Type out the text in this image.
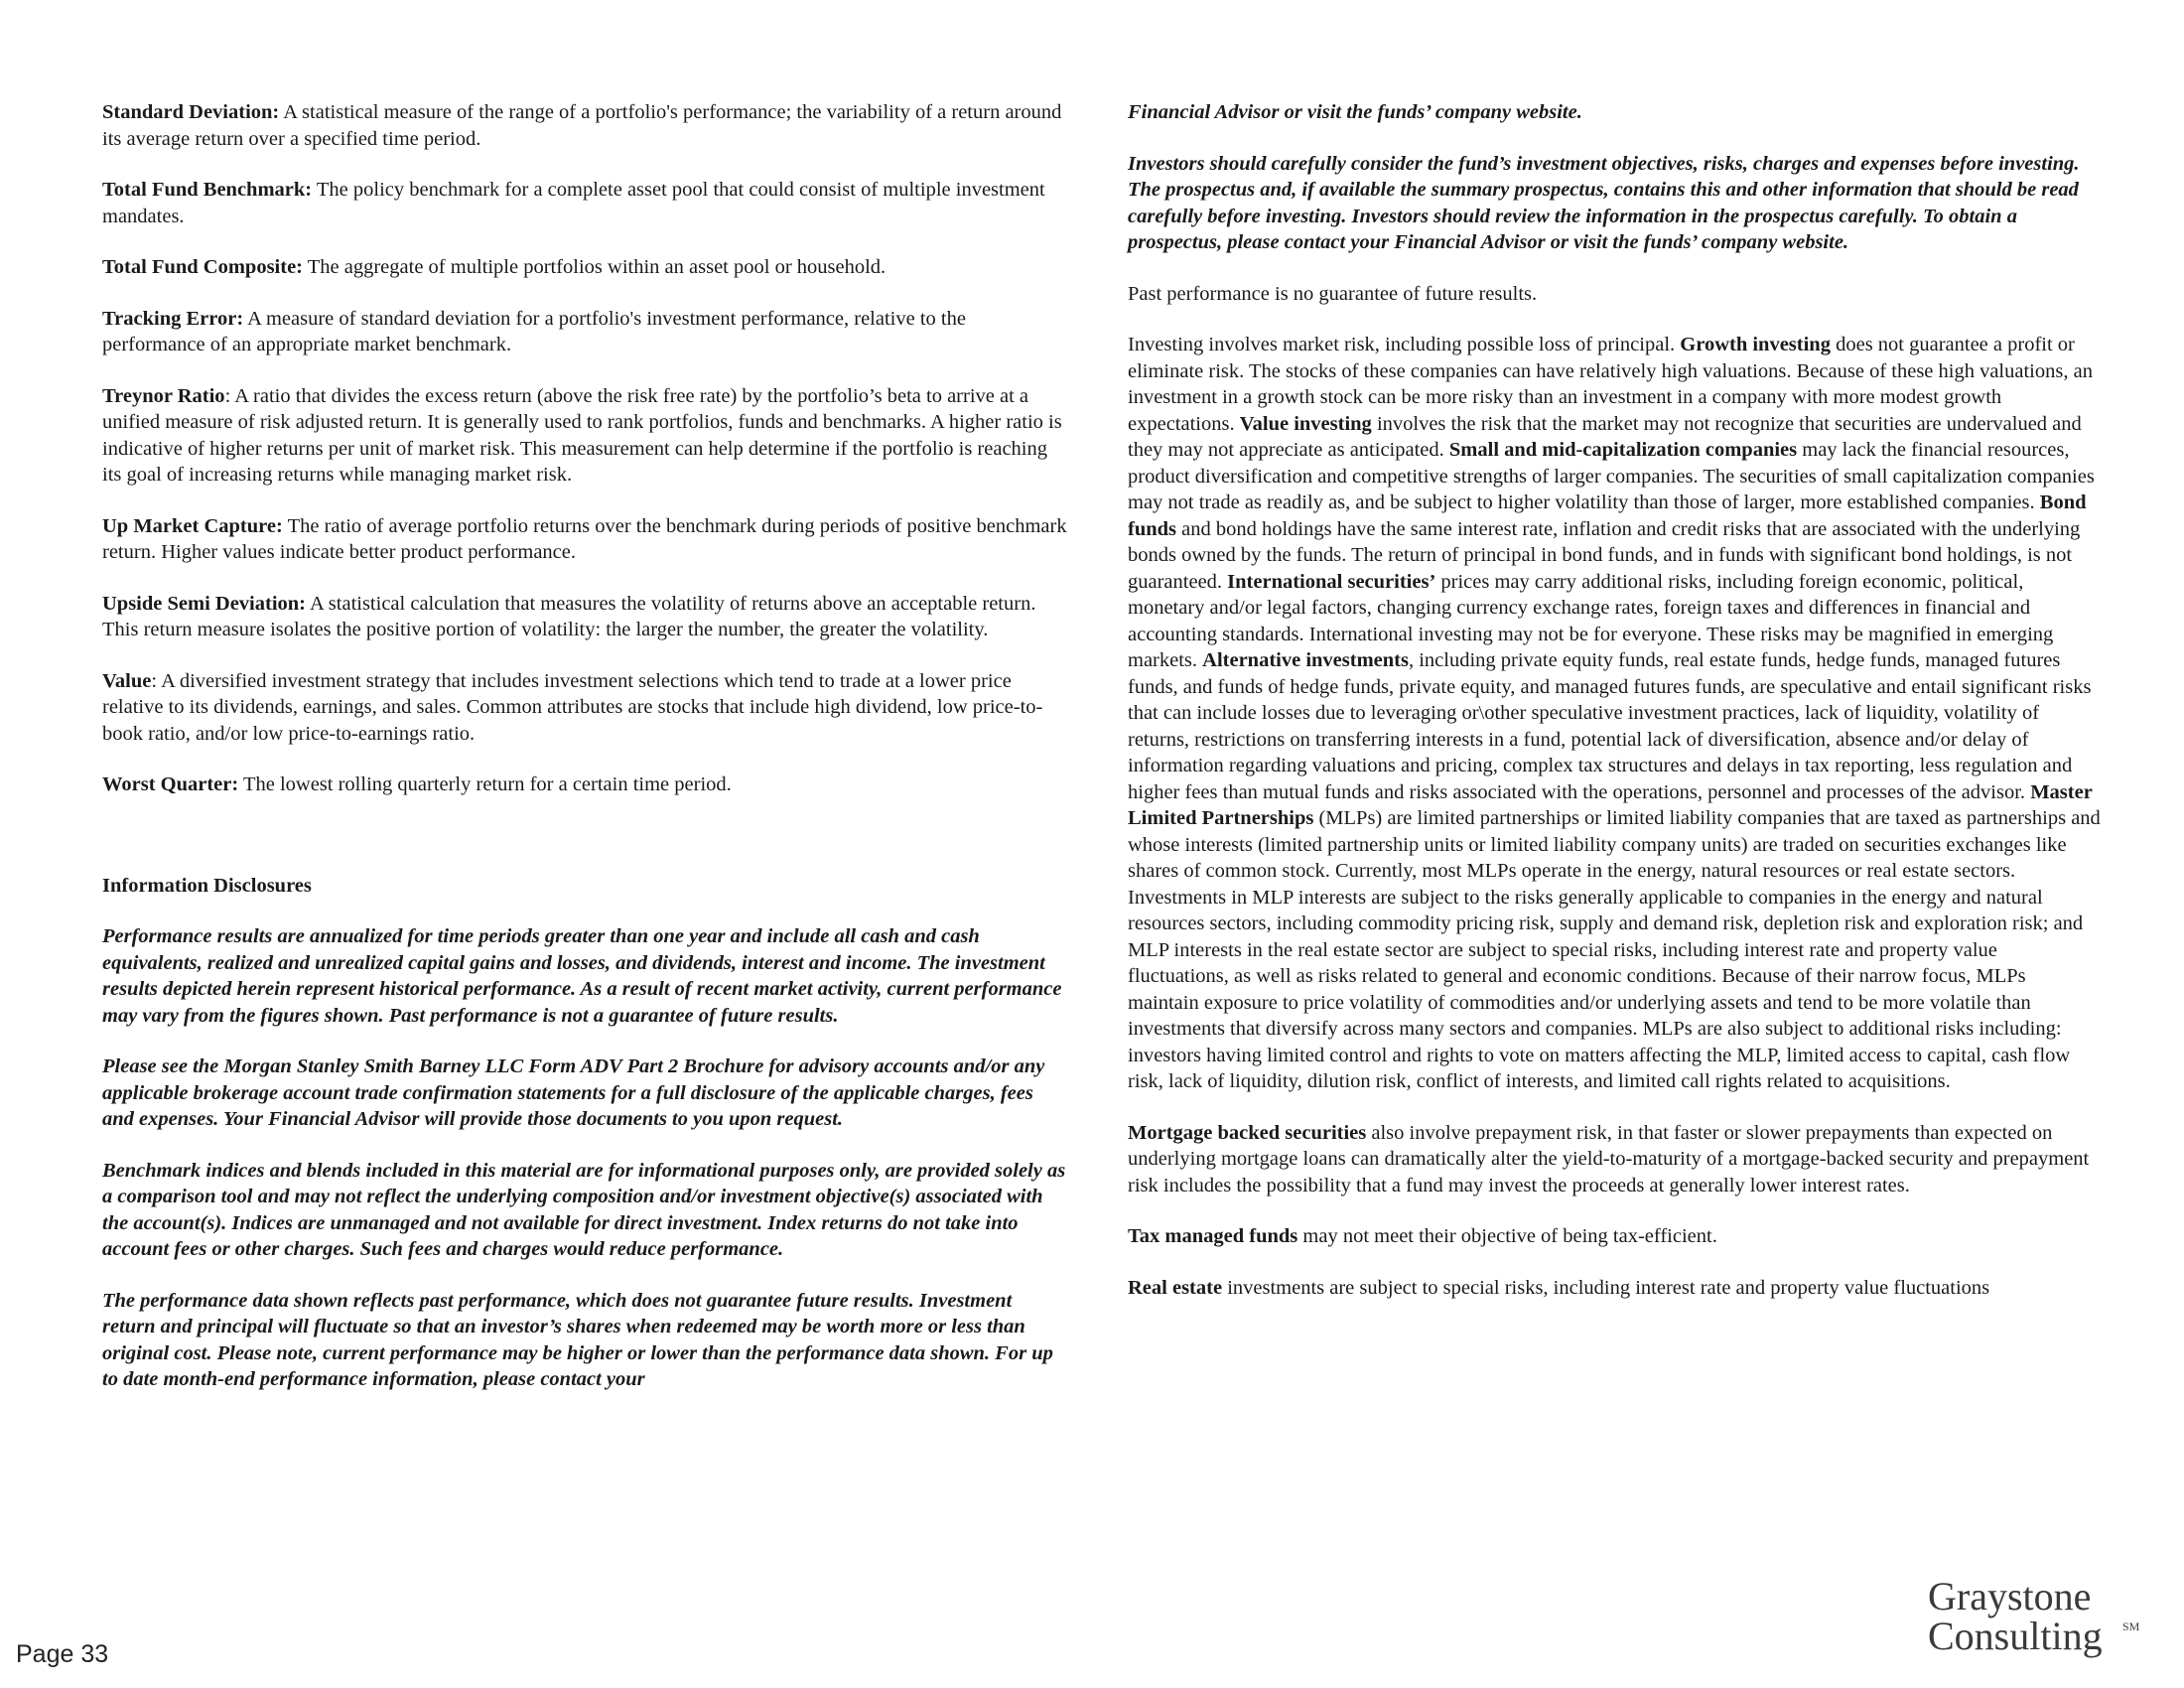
Standard Deviation: A statistical measure of the range of a portfolio's performance; the variability of a return around its average return over a specified time period.

Total Fund Benchmark: The policy benchmark for a complete asset pool that could consist of multiple investment mandates.

Total Fund Composite: The aggregate of multiple portfolios within an asset pool or household.

Tracking Error: A measure of standard deviation for a portfolio's investment performance, relative to the performance of an appropriate market benchmark.

Treynor Ratio: A ratio that divides the excess return (above the risk free rate) by the portfolio’s beta to arrive at a unified measure of risk adjusted return. It is generally used to rank portfolios, funds and benchmarks. A higher ratio is indicative of higher returns per unit of market risk. This measurement can help determine if the portfolio is reaching its goal of increasing returns while managing market risk.

Up Market Capture: The ratio of average portfolio returns over the benchmark during periods of positive benchmark return. Higher values indicate better product performance.

Upside Semi Deviation: A statistical calculation that measures the volatility of returns above an acceptable return. This return measure isolates the positive portion of volatility: the larger the number, the greater the volatility.

Value: A diversified investment strategy that includes investment selections which tend to trade at a lower price relative to its dividends, earnings, and sales. Common attributes are stocks that include high dividend, low price-to-book ratio, and/or low price-to-earnings ratio.

Worst Quarter: The lowest rolling quarterly return for a certain time period.

Information Disclosures

Performance results are annualized for time periods greater than one year and include all cash and cash equivalents, realized and unrealized capital gains and losses, and dividends, interest and income. The investment results depicted herein represent historical performance. As a result of recent market activity, current performance may vary from the figures shown. Past performance is not a guarantee of future results.

Please see the Morgan Stanley Smith Barney LLC Form ADV Part 2 Brochure for advisory accounts and/or any applicable brokerage account trade confirmation statements for a full disclosure of the applicable charges, fees and expenses. Your Financial Advisor will provide those documents to you upon request.

Benchmark indices and blends included in this material are for informational purposes only, are provided solely as a comparison tool and may not reflect the underlying composition and/or investment objective(s) associated with the account(s). Indices are unmanaged and not available for direct investment. Index returns do not take into account fees or other charges. Such fees and charges would reduce performance.

The performance data shown reflects past performance, which does not guarantee future results. Investment return and principal will fluctuate so that an investor’s shares when redeemed may be worth more or less than original cost. Please note, current performance may be higher or lower than the performance data shown. For up to date month-end performance information, please contact your

Financial Advisor or visit the funds’ company website.

Investors should carefully consider the fund’s investment objectives, risks, charges and expenses before investing. The prospectus and, if available the summary prospectus, contains this and other information that should be read carefully before investing. Investors should review the information in the prospectus carefully. To obtain a prospectus, please contact your Financial Advisor or visit the funds’ company website.

Past performance is no guarantee of future results.

Investing involves market risk, including possible loss of principal. Growth investing does not guarantee a profit or eliminate risk. The stocks of these companies can have relatively high valuations. Because of these high valuations, an investment in a growth stock can be more risky than an investment in a company with more modest growth expectations. Value investing involves the risk that the market may not recognize that securities are undervalued and they may not appreciate as anticipated. Small and mid-capitalization companies may lack the financial resources, product diversification and competitive strengths of larger companies. The securities of small capitalization companies may not trade as readily as, and be subject to higher volatility than those of larger, more established companies. Bond funds and bond holdings have the same interest rate, inflation and credit risks that are associated with the underlying bonds owned by the funds. The return of principal in bond funds, and in funds with significant bond holdings, is not guaranteed. International securities’ prices may carry additional risks, including foreign economic, political, monetary and/or legal factors, changing currency exchange rates, foreign taxes and differences in financial and accounting standards. International investing may not be for everyone. These risks may be magnified in emerging markets. Alternative investments, including private equity funds, real estate funds, hedge funds, managed futures funds, and funds of hedge funds, private equity, and managed futures funds, are speculative and entail significant risks that can include losses due to leveraging or\other speculative investment practices, lack of liquidity, volatility of returns, restrictions on transferring interests in a fund, potential lack of diversification, absence and/or delay of information regarding valuations and pricing, complex tax structures and delays in tax reporting, less regulation and higher fees than mutual funds and risks associated with the operations, personnel and processes of the advisor. Master Limited Partnerships (MLPs) are limited partnerships or limited liability companies that are taxed as partnerships and whose interests (limited partnership units or limited liability company units) are traded on securities exchanges like shares of common stock. Currently, most MLPs operate in the energy, natural resources or real estate sectors. Investments in MLP interests are subject to the risks generally applicable to companies in the energy and natural resources sectors, including commodity pricing risk, supply and demand risk, depletion risk and exploration risk; and MLP interests in the real estate sector are subject to special risks, including interest rate and property value fluctuations, as well as risks related to general and economic conditions. Because of their narrow focus, MLPs maintain exposure to price volatility of commodities and/or underlying assets and tend to be more volatile than investments that diversify across many sectors and companies. MLPs are also subject to additional risks including: investors having limited control and rights to vote on matters affecting the MLP, limited access to capital, cash flow risk, lack of liquidity, dilution risk, conflict of interests, and limited call rights related to acquisitions.

Mortgage backed securities also involve prepayment risk, in that faster or slower prepayments than expected on underlying mortgage loans can dramatically alter the yield-to-maturity of a mortgage-backed security and prepayment risk includes the possibility that a fund may invest the proceeds at generally lower interest rates.

Tax managed funds may not meet their objective of being tax-efficient.

Real estate investments are subject to special risks, including interest rate and property value fluctuations

Graystone
Consulting SM
Page 33
